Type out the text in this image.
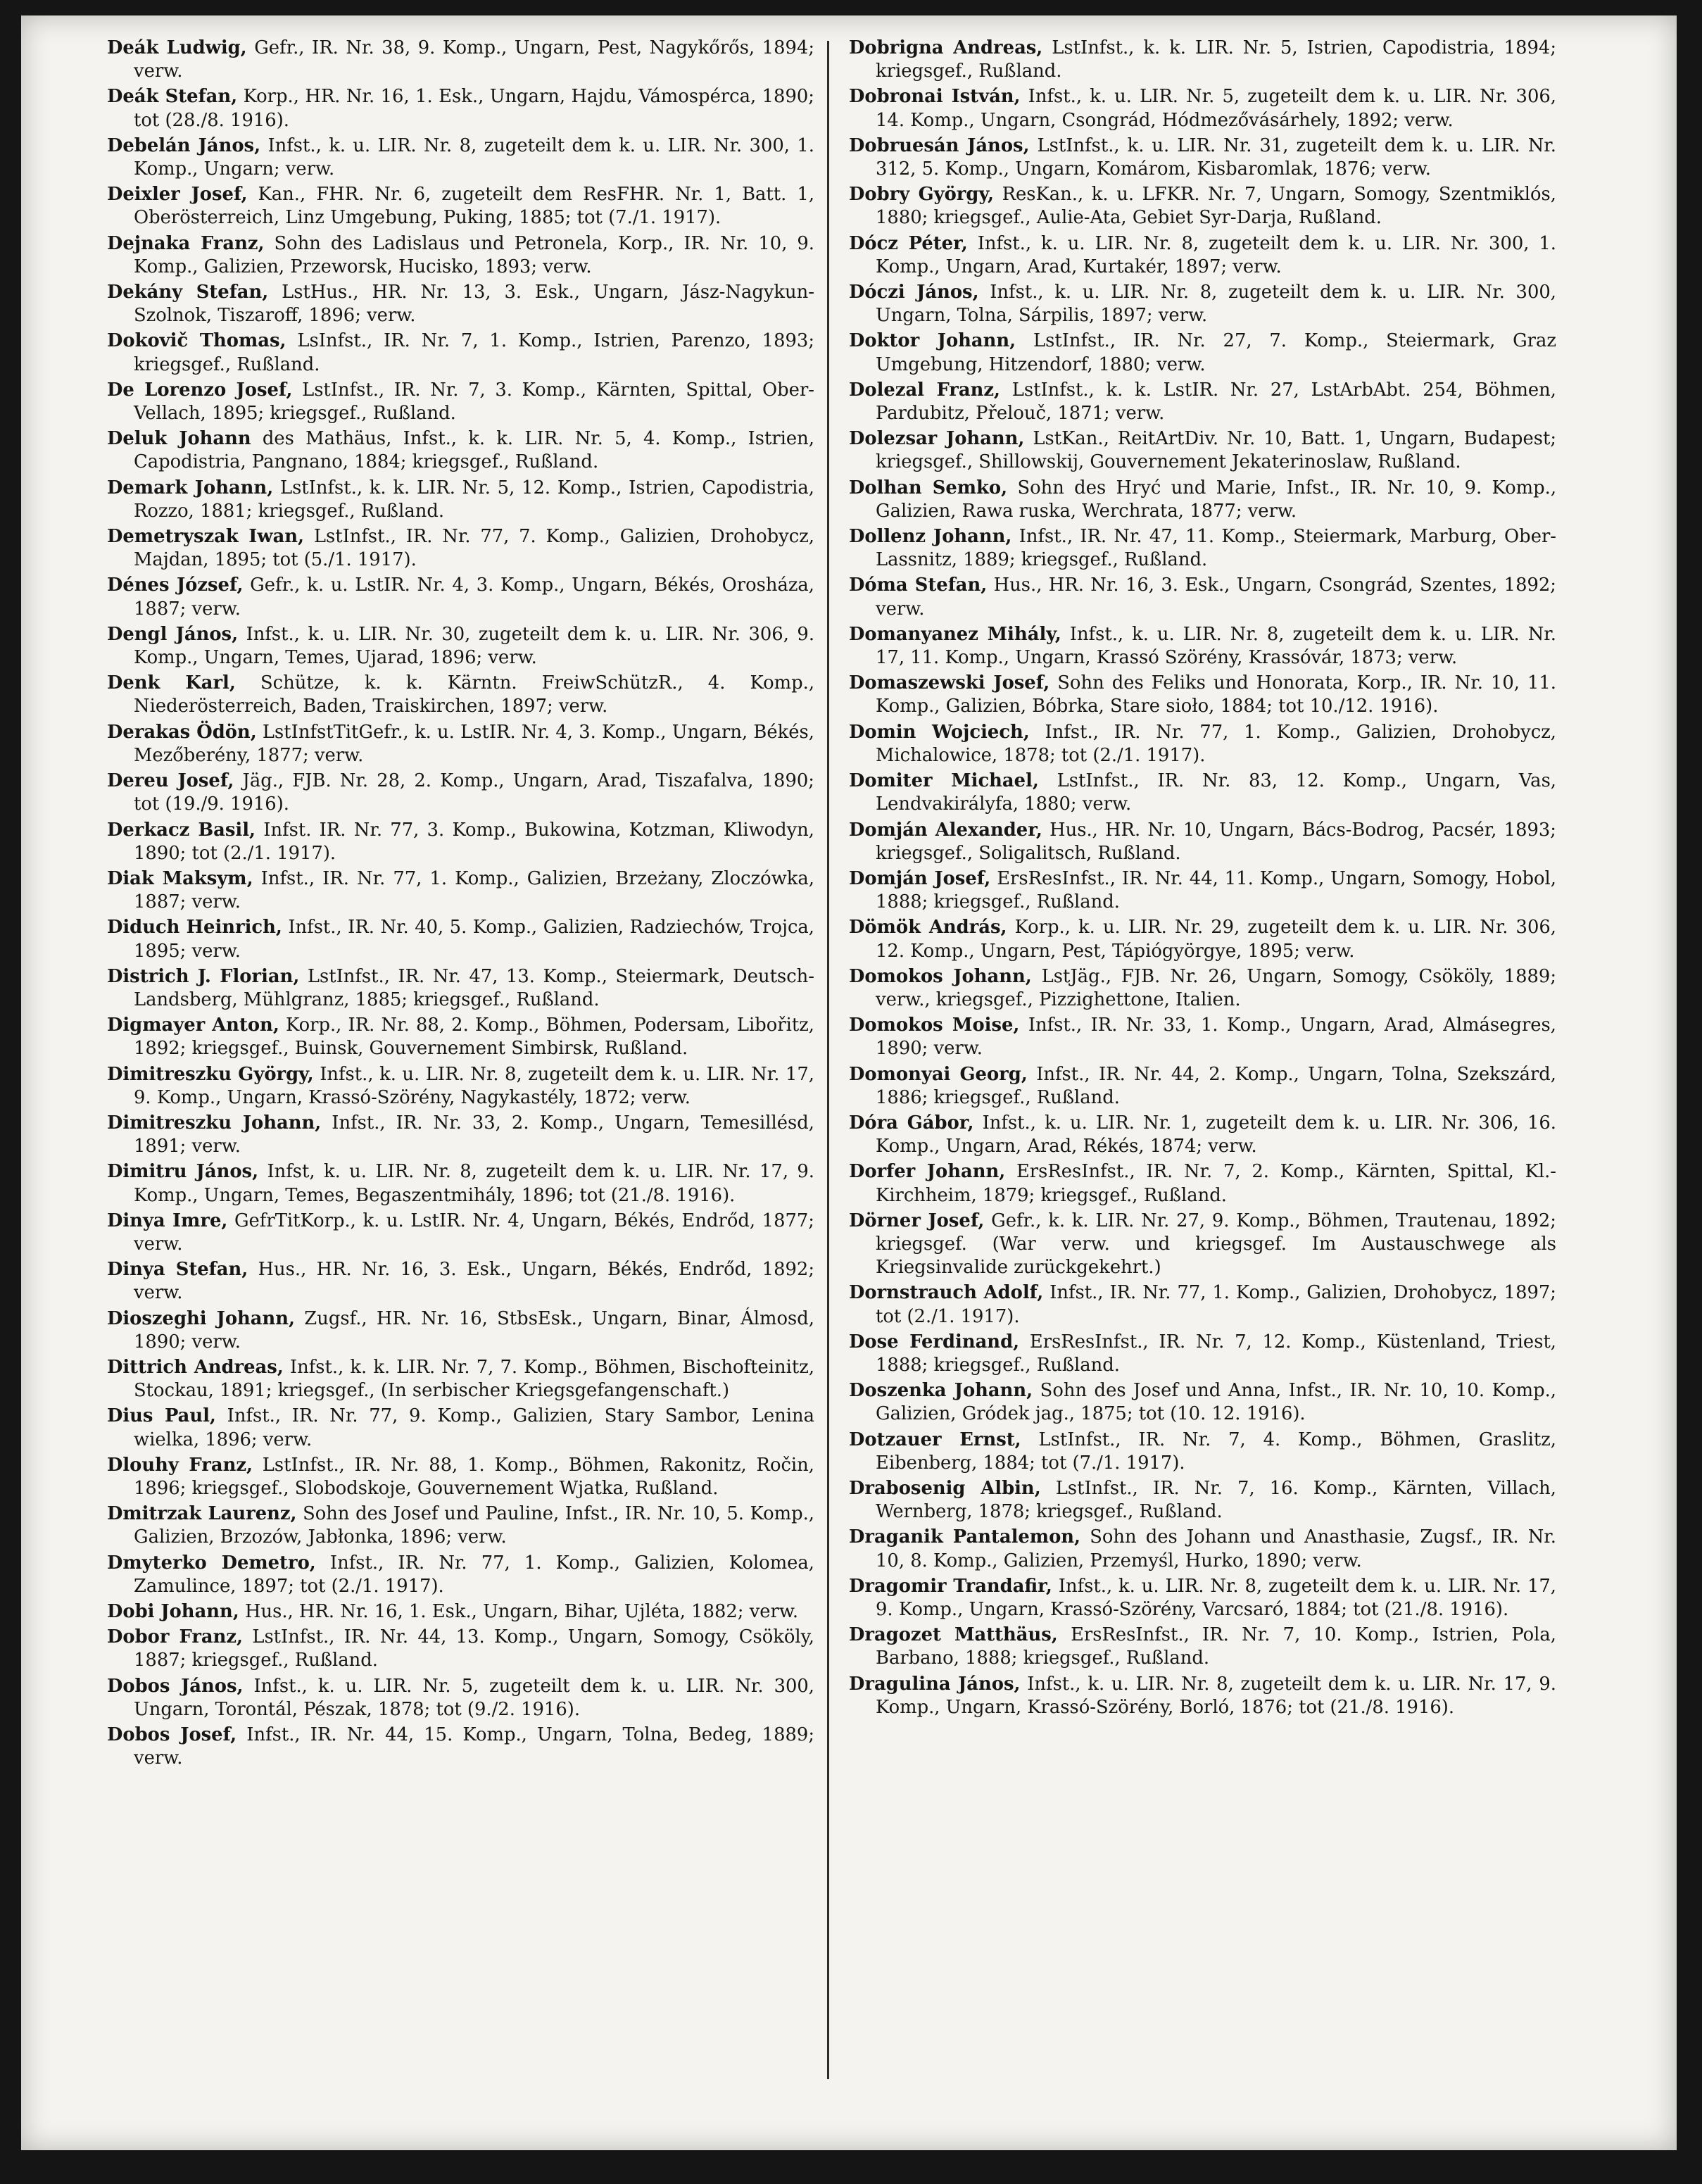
Deák Ludwig, Gefr., IR. Nr. 38, 9. Komp., Ungarn, Pest, Nagykőrős, 1894; verw.
Deák Stefan, Korp., HR. Nr. 16, 1. Esk., Ungarn, Hajdu, Vámospérca, 1890; tot (28./8. 1916).
Debelán János, Infst., k. u. LIR. Nr. 8, zugeteilt dem k. u. LIR. Nr. 300, 1. Komp., Ungarn; verw.
Deixler Josef, Kan., FHR. Nr. 6, zugeteilt dem ResFHR. Nr. 1, Batt. 1, Oberösterreich, Linz Umgebung, Puking, 1885; tot (7./1. 1917).
Dejnaka Franz, Sohn des Ladislaus und Petronela, Korp., IR. Nr. 10, 9. Komp., Galizien, Przeworsk, Hucisko, 1893; verw.
Dekány Stefan, LstHus., HR. Nr. 13, 3. Esk., Ungarn, Jász-Nagykun-Szolnok, Tiszaroff, 1896; verw.
Dokovič Thomas, LsInfst., IR. Nr. 7, 1. Komp., Istrien, Parenzo, 1893; kriegsgef., Rußland.
De Lorenzo Josef, LstInfst., IR. Nr. 7, 3. Komp., Kärnten, Spittal, Ober-Vellach, 1895; kriegsgef., Rußland.
Deluk Johann des Mathäus, Infst., k. k. LIR. Nr. 5, 4. Komp., Istrien, Capodistria, Pangnano, 1884; kriegsgef., Rußland.
Demark Johann, LstInfst., k. k. LIR. Nr. 5, 12. Komp., Istrien, Capodistria, Rozzo, 1881; kriegsgef., Rußland.
Demetryszak Iwan, LstInfst., IR. Nr. 77, 7. Komp., Galizien, Drohobycz, Majdan, 1895; tot (5./1. 1917).
Dénes József, Gefr., k. u. LstIR. Nr. 4, 3. Komp., Ungarn, Békés, Orosháza, 1887; verw.
Dengl János, Infst., k. u. LIR. Nr. 30, zugeteilt dem k. u. LIR. Nr. 306, 9. Komp., Ungarn, Temes, Ujarad, 1896; verw.
Denk Karl, Schütze, k. k. Kärntn. FreiwSchützR., 4. Komp., Niederösterreich, Baden, Traiskirchen, 1897; verw.
Derakas Ödön, LstInfstTitGefr., k. u. LstIR. Nr. 4, 3. Komp., Ungarn, Békés, Mezőberény, 1877; verw.
Dereu Josef, Jäg., FJB. Nr. 28, 2. Komp., Ungarn, Arad, Tiszafalva, 1890; tot (19./9. 1916).
Derkacz Basil, Infst. IR. Nr. 77, 3. Komp., Bukowina, Kotzman, Kliwodyn, 1890; tot (2./1. 1917).
Diak Maksym, Infst., IR. Nr. 77, 1. Komp., Galizien, Brzeżany, Zloczówka, 1887; verw.
Diduch Heinrich, Infst., IR. Nr. 40, 5. Komp., Galizien, Radziechów, Trojca, 1895; verw.
Districh J. Florian, LstInfst., IR. Nr. 47, 13. Komp., Steiermark, Deutsch-Landsberg, Mühlgranz, 1885; kriegsgef., Rußland.
Digmayer Anton, Korp., IR. Nr. 88, 2. Komp., Böhmen, Podersam, Libořitz, 1892; kriegsgef., Buinsk, Gouvernement Simbirsk, Rußland.
Dimitreszku György, Infst., k. u. LIR. Nr. 8, zugeteilt dem k. u. LIR. Nr. 17, 9. Komp., Ungarn, Krassó-Szörény, Nagykastély, 1872; verw.
Dimitreszku Johann, Infst., IR. Nr. 33, 2. Komp., Ungarn, Temesillésd, 1891; verw.
Dimitru János, Infst, k. u. LIR. Nr. 8, zugeteilt dem k. u. LIR. Nr. 17, 9. Komp., Ungarn, Temes, Begaszentmihály, 1896; tot (21./8. 1916).
Dinya Imre, GefrTitKorp., k. u. LstIR. Nr. 4, Ungarn, Békés, Endrőd, 1877; verw.
Dinya Stefan, Hus., HR. Nr. 16, 3. Esk., Ungarn, Békés, Endrőd, 1892; verw.
Dioszeghi Johann, Zugsf., HR. Nr. 16, StbsEsk., Ungarn, Binar, Álmosd, 1890; verw.
Dittrich Andreas, Infst., k. k. LIR. Nr. 7, 7. Komp., Böhmen, Bischofteinitz, Stockau, 1891; kriegsgef., (In serbischer Kriegsgefangenschaft.)
Dius Paul, Infst., IR. Nr. 77, 9. Komp., Galizien, Stary Sambor, Lenina wielka, 1896; verw.
Dlouhy Franz, LstInfst., IR. Nr. 88, 1. Komp., Böhmen, Rakonitz, Ročin, 1896; kriegsgef., Slobodskoje, Gouvernement Wjatka, Rußland.
Dmitrzak Laurenz, Sohn des Josef und Pauline, Infst., IR. Nr. 10, 5. Komp., Galizien, Brzozów, Jabłonka, 1896; verw.
Dmyterko Demetro, Infst., IR. Nr. 77, 1. Komp., Galizien, Kolomea, Zamulince, 1897; tot (2./1. 1917).
Dobi Johann, Hus., HR. Nr. 16, 1. Esk., Ungarn, Bihar, Ujléta, 1882; verw.
Dobor Franz, LstInfst., IR. Nr. 44, 13. Komp., Ungarn, Somogy, Csököly, 1887; kriegsgef., Rußland.
Dobos János, Infst., k. u. LIR. Nr. 5, zugeteilt dem k. u. LIR. Nr. 300, Ungarn, Torontál, Pészak, 1878; tot (9./2. 1916).
Dobos Josef, Infst., IR. Nr. 44, 15. Komp., Ungarn, Tolna, Bedeg, 1889; verw.
Dobrigna Andreas, LstInfst., k. k. LIR. Nr. 5, Istrien, Capodistria, 1894; kriegsgef., Rußland.
Dobronai István, Infst., k. u. LIR. Nr. 5, zugeteilt dem k. u. LIR. Nr. 306, 14. Komp., Ungarn, Csongrád, Hódmezővásárhely, 1892; verw.
Dobruesán János, LstInfst., k. u. LIR. Nr. 31, zugeteilt dem k. u. LIR. Nr. 312, 5. Komp., Ungarn, Komárom, Kisbaromlak, 1876; verw.
Dobry György, ResKan., k. u. LFKR. Nr. 7, Ungarn, Somogy, Szentmiklós, 1880; kriegsgef., Aulie-Ata, Gebiet Syr-Darja, Rußland.
Dócz Péter, Infst., k. u. LIR. Nr. 8, zugeteilt dem k. u. LIR. Nr. 300, 1. Komp., Ungarn, Arad, Kurtakér, 1897; verw.
Dóczi János, Infst., k. u. LIR. Nr. 8, zugeteilt dem k. u. LIR. Nr. 300, Ungarn, Tolna, Sárpilis, 1897; verw.
Doktor Johann, LstInfst., IR. Nr. 27, 7. Komp., Steiermark, Graz Umgebung, Hitzendorf, 1880; verw.
Dolezal Franz, LstInfst., k. k. LstIR. Nr. 27, LstArbAbt. 254, Böhmen, Pardubitz, Přelouč, 1871; verw.
Dolezsar Johann, LstKan., ReitArtDiv. Nr. 10, Batt. 1, Ungarn, Budapest; kriegsgef., Shillowskij, Gouvernement Jekaterinoslaw, Rußland.
Dolhan Semko, Sohn des Hryć und Marie, Infst., IR. Nr. 10, 9. Komp., Galizien, Rawa ruska, Werchrata, 1877; verw.
Dollenz Johann, Infst., IR. Nr. 47, 11. Komp., Steiermark, Marburg, Ober-Lassnitz, 1889; kriegsgef., Rußland.
Dóma Stefan, Hus., HR. Nr. 16, 3. Esk., Ungarn, Csongrád, Szentes, 1892; verw.
Domanyanez Mihály, Infst., k. u. LIR. Nr. 8, zugeteilt dem k. u. LIR. Nr. 17, 11. Komp., Ungarn, Krassó Szörény, Krassóvár, 1873; verw.
Domaszewski Josef, Sohn des Feliks und Honorata, Korp., IR. Nr. 10, 11. Komp., Galizien, Bóbrka, Stare sioło, 1884; tot 10./12. 1916).
Domin Wojciech, Infst., IR. Nr. 77, 1. Komp., Galizien, Drohobycz, Michalowice, 1878; tot (2./1. 1917).
Domiter Michael, LstInfst., IR. Nr. 83, 12. Komp., Ungarn, Vas, Lendvakirályfa, 1880; verw.
Domján Alexander, Hus., HR. Nr. 10, Ungarn, Bács-Bodrog, Pacsér, 1893; kriegsgef., Soligalitsch, Rußland.
Domján Josef, ErsResInfst., IR. Nr. 44, 11. Komp., Ungarn, Somogy, Hobol, 1888; kriegsgef., Rußland.
Dömök András, Korp., k. u. LIR. Nr. 29, zugeteilt dem k. u. LIR. Nr. 306, 12. Komp., Ungarn, Pest, Tápiógyörgye, 1895; verw.
Domokos Johann, LstJäg., FJB. Nr. 26, Ungarn, Somogy, Csököly, 1889; verw., kriegsgef., Pizzighettone, Italien.
Domokos Moise, Infst., IR. Nr. 33, 1. Komp., Ungarn, Arad, Almásegres, 1890; verw.
Domonyai Georg, Infst., IR. Nr. 44, 2. Komp., Ungarn, Tolna, Szekszárd, 1886; kriegsgef., Rußland.
Dóra Gábor, Infst., k. u. LIR. Nr. 1, zugeteilt dem k. u. LIR. Nr. 306, 16. Komp., Ungarn, Arad, Rékés, 1874; verw.
Dorfer Johann, ErsResInfst., IR. Nr. 7, 2. Komp., Kärnten, Spittal, Kl.-Kirchheim, 1879; kriegsgef., Rußland.
Dörner Josef, Gefr., k. k. LIR. Nr. 27, 9. Komp., Böhmen, Trautenau, 1892; kriegsgef. (War verw. und kriegsgef. Im Austauschwege als Kriegsinvalide zurückgekehrt.)
Dornstrauch Adolf, Infst., IR. Nr. 77, 1. Komp., Galizien, Drohobycz, 1897; tot (2./1. 1917).
Dose Ferdinand, ErsResInfst., IR. Nr. 7, 12. Komp., Küstenland, Triest, 1888; kriegsgef., Rußland.
Doszenka Johann, Sohn des Josef und Anna, Infst., IR. Nr. 10, 10. Komp., Galizien, Gródek jag., 1875; tot (10. 12. 1916).
Dotzauer Ernst, LstInfst., IR. Nr. 7, 4. Komp., Böhmen, Graslitz, Eibenberg, 1884; tot (7./1. 1917).
Drabosenig Albin, LstInfst., IR. Nr. 7, 16. Komp., Kärnten, Villach, Wernberg, 1878; kriegsgef., Rußland.
Draganik Pantalemon, Sohn des Johann und Anasthasie, Zugsf., IR. Nr. 10, 8. Komp., Galizien, Przemyśl, Hurko, 1890; verw.
Dragomir Trandafir, Infst., k. u. LIR. Nr. 8, zugeteilt dem k. u. LIR. Nr. 17, 9. Komp., Ungarn, Krassó-Szörény, Varcsaró, 1884; tot (21./8. 1916).
Dragozet Matthäus, ErsResInfst., IR. Nr. 7, 10. Komp., Istrien, Pola, Barbano, 1888; kriegsgef., Rußland.
Dragulina János, Infst., k. u. LIR. Nr. 8, zugeteilt dem k. u. LIR. Nr. 17, 9. Komp., Ungarn, Krassó-Szörény, Borló, 1876; tot (21./8. 1916).
